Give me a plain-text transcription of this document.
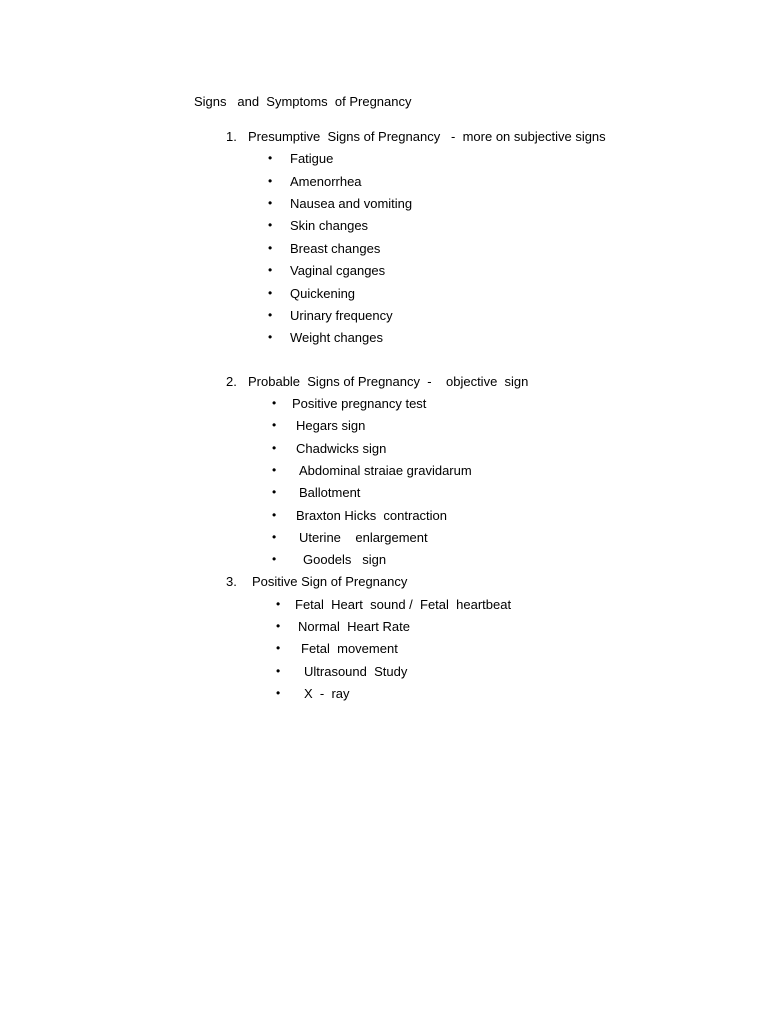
Signs   and  Symptoms  of Pregnancy
1. Presumptive  Signs of Pregnancy   -  more on subjective signs
• Fatigue
• Amenorrhea
• Nausea and vomiting
• Skin changes
• Breast changes
• Vaginal cganges
• Quickening
• Urinary frequency
• Weight changes
2. Probable  Signs of Pregnancy  -    objective  sign
• Positive pregnancy test
• Hegars sign
• Chadwicks sign
• Abdominal straiae gravidarum
• Ballotment
• Braxton Hicks  contraction
• Uterine    enlargement
• Goodels   sign
3. Positive Sign of Pregnancy
• Fetal  Heart  sound /  Fetal  heartbeat
• Normal  Heart Rate
• Fetal  movement
• Ultrasound  Study
• X  -  ray
